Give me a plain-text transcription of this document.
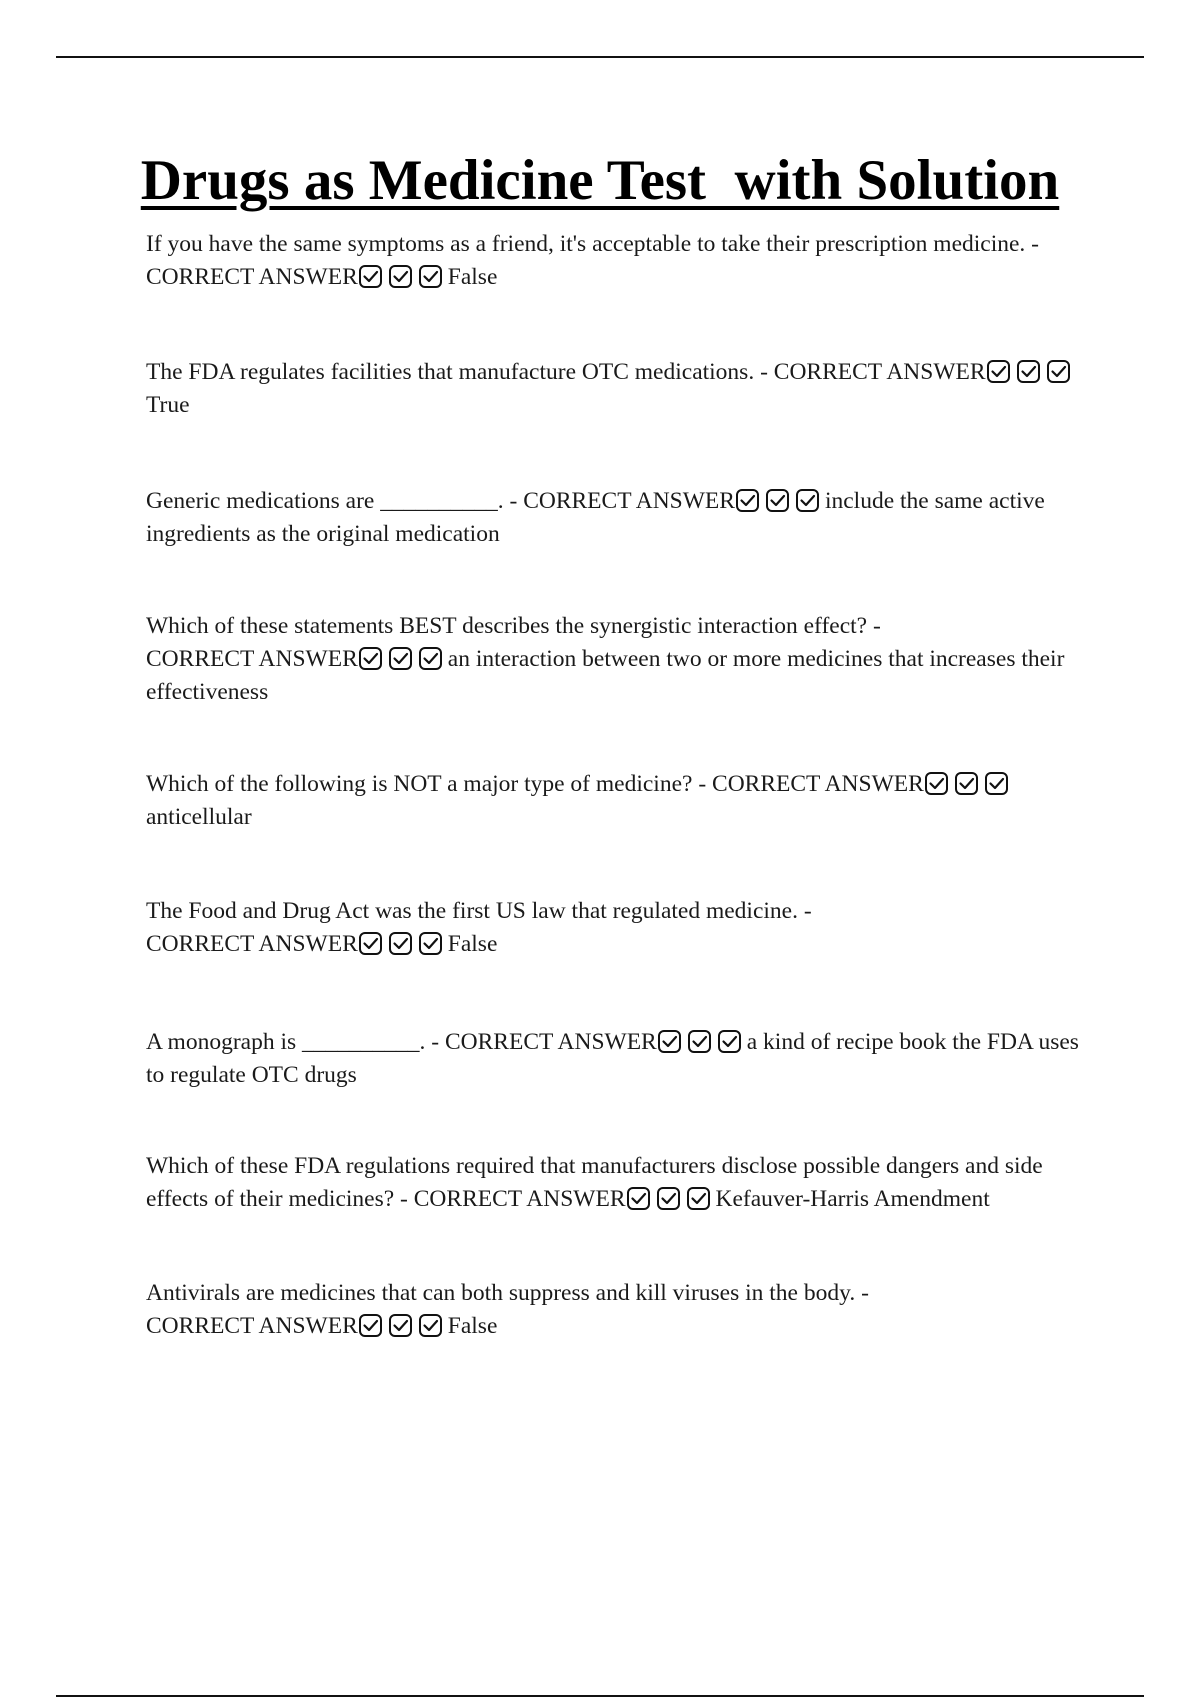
Drugs as Medicine Test  with Solution

If you have the same symptoms as a friend, it's acceptable to take their prescription medicine. - CORRECT ANSWER	False

The FDA regulates facilities that manufacture OTC medications. - CORRECT ANSWER
True

Generic medications are __________. - CORRECT ANSWER	include the same active ingredients as the original medication

Which of these statements BEST describes the synergistic interaction effect? - CORRECT ANSWER	an interaction between two or more medicines that increases their effectiveness

Which of the following is NOT a major type of medicine? - CORRECT ANSWER
anticellular

The Food and Drug Act was the first US law that regulated medicine. - CORRECT ANSWER	False

A monograph is __________. - CORRECT ANSWER	a kind of recipe book the FDA uses to regulate OTC drugs

Which of these FDA regulations required that manufacturers disclose possible dangers and side effects of their medicines? - CORRECT ANSWER	Kefauver-Harris Amendment

Antivirals are medicines that can both suppress and kill viruses in the body. - CORRECT ANSWER	False
